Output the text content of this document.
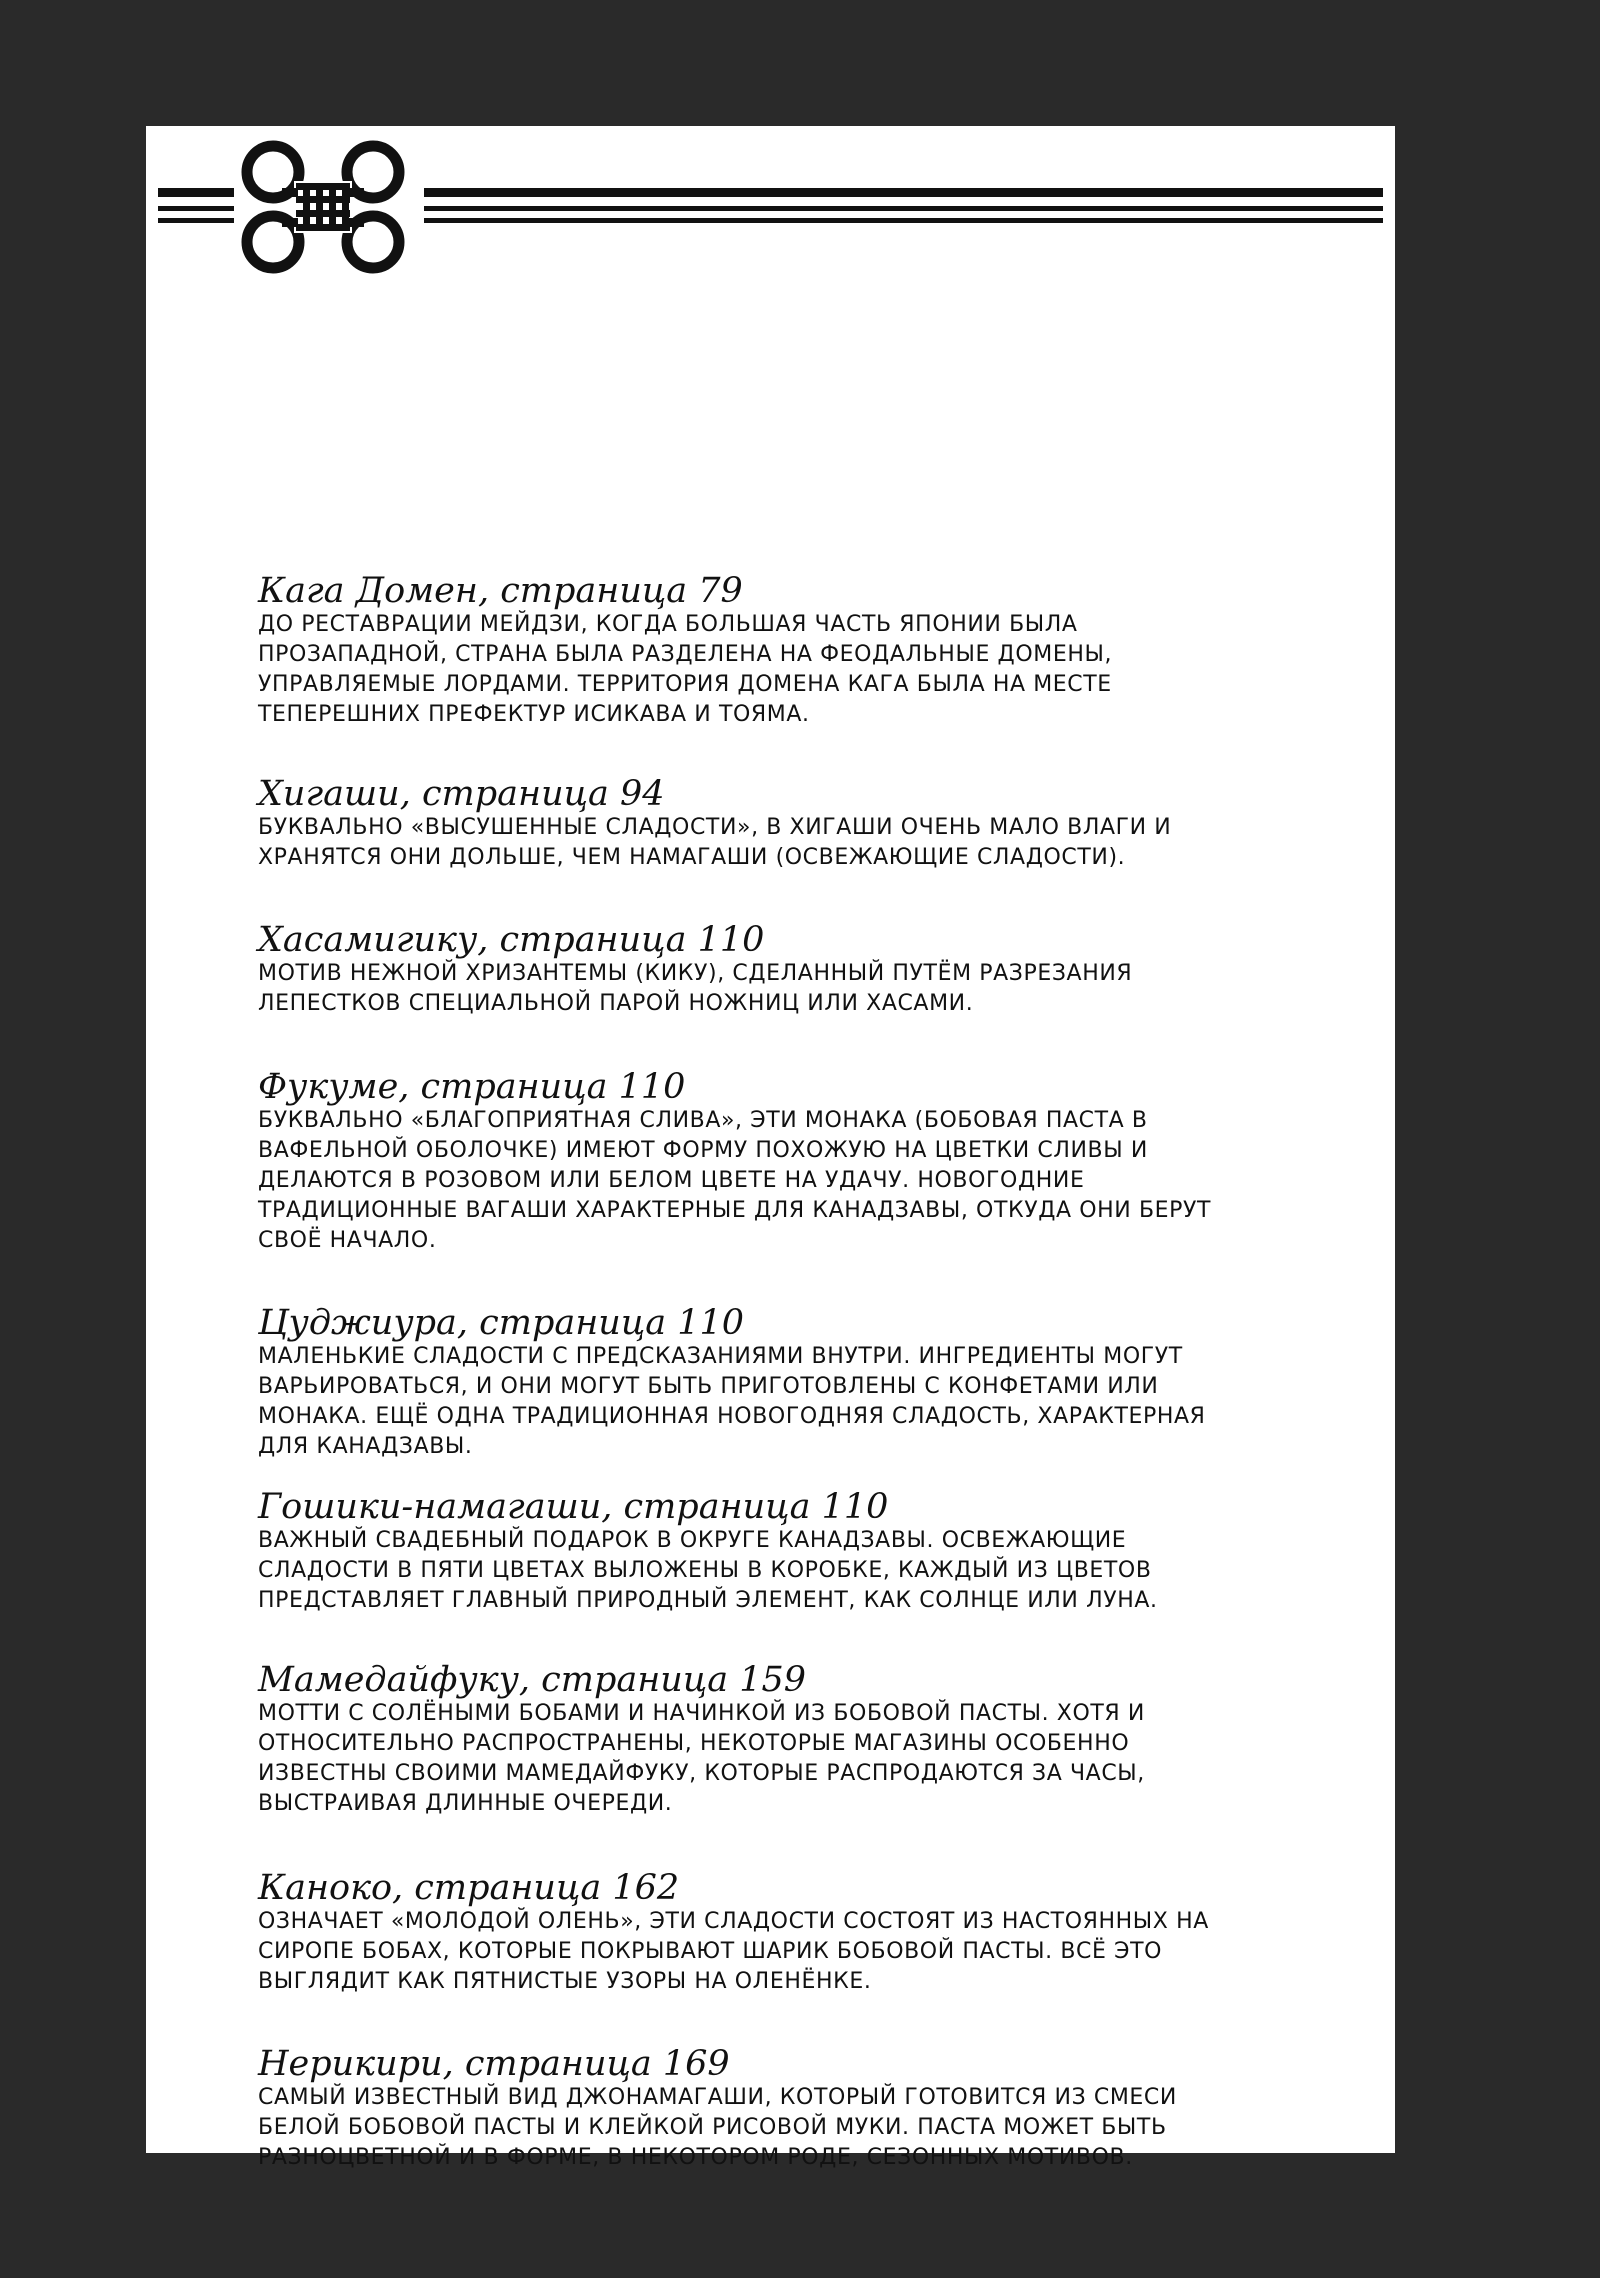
Кага Домен, страница 79
ДО РЕСТАВРАЦИИ МЕЙДЗИ, КОГДА БОЛЬШАЯ ЧАСТЬ ЯПОНИИ БЫЛА ПРОЗАПАДНОЙ, СТРАНА БЫЛА РАЗДЕЛЕНА НА ФЕОДАЛЬНЫЕ ДОМЕНЫ, УПРАВЛЯЕМЫЕ ЛОРДАМИ. ТЕРРИТОРИЯ ДОМЕНА КАГА БЫЛА НА МЕСТЕ ТЕПЕРЕШНИХ ПРЕФЕКТУР ИСИКАВА И ТОЯМА.
Хигаши, страница 94
БУКВАЛЬНО «ВЫСУШЕННЫЕ СЛАДОСТИ», В ХИГАШИ ОЧЕНЬ МАЛО ВЛАГИ И ХРАНЯТСЯ ОНИ ДОЛЬШЕ, ЧЕМ НАМАГАШИ (ОСВЕЖАЮЩИЕ СЛАДОСТИ).
Хасамигику, страница 110
МОТИВ НЕЖНОЙ ХРИЗАНТЕМЫ (КИКУ), СДЕЛАННЫЙ ПУТЁМ РАЗРЕЗАНИЯ ЛЕПЕСТКОВ СПЕЦИАЛЬНОЙ ПАРОЙ НОЖНИЦ ИЛИ ХАСАМИ.
Фукуме, страница 110
БУКВАЛЬНО «БЛАГОПРИЯТНАЯ СЛИВА», ЭТИ МОНАКА (БОБОВАЯ ПАСТА В ВАФЕЛЬНОЙ ОБОЛОЧКЕ) ИМЕЮТ ФОРМУ ПОХОЖУЮ НА ЦВЕТКИ СЛИВЫ И ДЕЛАЮТСЯ В РОЗОВОМ ИЛИ БЕЛОМ ЦВЕТЕ НА УДАЧУ. НОВОГОДНИЕ ТРАДИЦИОННЫЕ ВАГАШИ ХАРАКТЕРНЫЕ ДЛЯ КАНАДЗАВЫ, ОТКУДА ОНИ БЕРУТ СВОЁ НАЧАЛО.
Цуджиура, страница 110
МАЛЕНЬКИЕ СЛАДОСТИ С ПРЕДСКАЗАНИЯМИ ВНУТРИ. ИНГРЕДИЕНТЫ МОГУТ ВАРЬИРОВАТЬСЯ, И ОНИ МОГУТ БЫТЬ ПРИГОТОВЛЕНЫ С КОНФЕТАМИ ИЛИ МОНАКА. ЕЩЁ ОДНА ТРАДИЦИОННАЯ НОВОГОДНЯЯ СЛАДОСТЬ, ХАРАКТЕРНАЯ ДЛЯ КАНАДЗАВЫ.
Гошики-намагаши, страница 110
ВАЖНЫЙ СВАДЕБНЫЙ ПОДАРОК В ОКРУГЕ КАНАДЗАВЫ. ОСВЕЖАЮЩИЕ СЛАДОСТИ В ПЯТИ ЦВЕТАХ ВЫЛОЖЕНЫ В КОРОБКЕ, КАЖДЫЙ ИЗ ЦВЕТОВ ПРЕДСТАВЛЯЕТ ГЛАВНЫЙ ПРИРОДНЫЙ ЭЛЕМЕНТ, КАК СОЛНЦЕ ИЛИ ЛУНА.
Мамедайфуку, страница 159
МОТТИ С СОЛЁНЫМИ БОБАМИ И НАЧИНКОЙ ИЗ БОБОВОЙ ПАСТЫ. ХОТЯ И ОТНОСИТЕЛЬНО РАСПРОСТРАНЕНЫ, НЕКОТОРЫЕ МАГАЗИНЫ ОСОБЕННО ИЗВЕСТНЫ СВОИМИ МАМЕДАЙФУКУ, КОТОРЫЕ РАСПРОДАЮТСЯ ЗА ЧАСЫ, ВЫСТРАИВАЯ ДЛИННЫЕ ОЧЕРЕДИ.
Каноко, страница 162
ОЗНАЧАЕТ «МОЛОДОЙ ОЛЕНЬ», ЭТИ СЛАДОСТИ СОСТОЯТ ИЗ НАСТОЯННЫХ НА СИРОПЕ БОБАХ, КОТОРЫЕ ПОКРЫВАЮТ ШАРИК БОБОВОЙ ПАСТЫ. ВСЁ ЭТО ВЫГЛЯДИТ КАК ПЯТНИСТЫЕ УЗОРЫ НА ОЛЕНЁНКЕ.
Нерикири, страница 169
САМЫЙ ИЗВЕСТНЫЙ ВИД ДЖОНАМАГАШИ, КОТОРЫЙ ГОТОВИТСЯ ИЗ СМЕСИ БЕЛОЙ БОБОВОЙ ПАСТЫ И КЛЕЙКОЙ РИСОВОЙ МУКИ. ПАСТА МОЖЕТ БЫТЬ РАЗНОЦВЕТНОЙ И В ФОРМЕ, В НЕКОТОРОМ РОДЕ, СЕЗОННЫХ МОТИВОВ.
